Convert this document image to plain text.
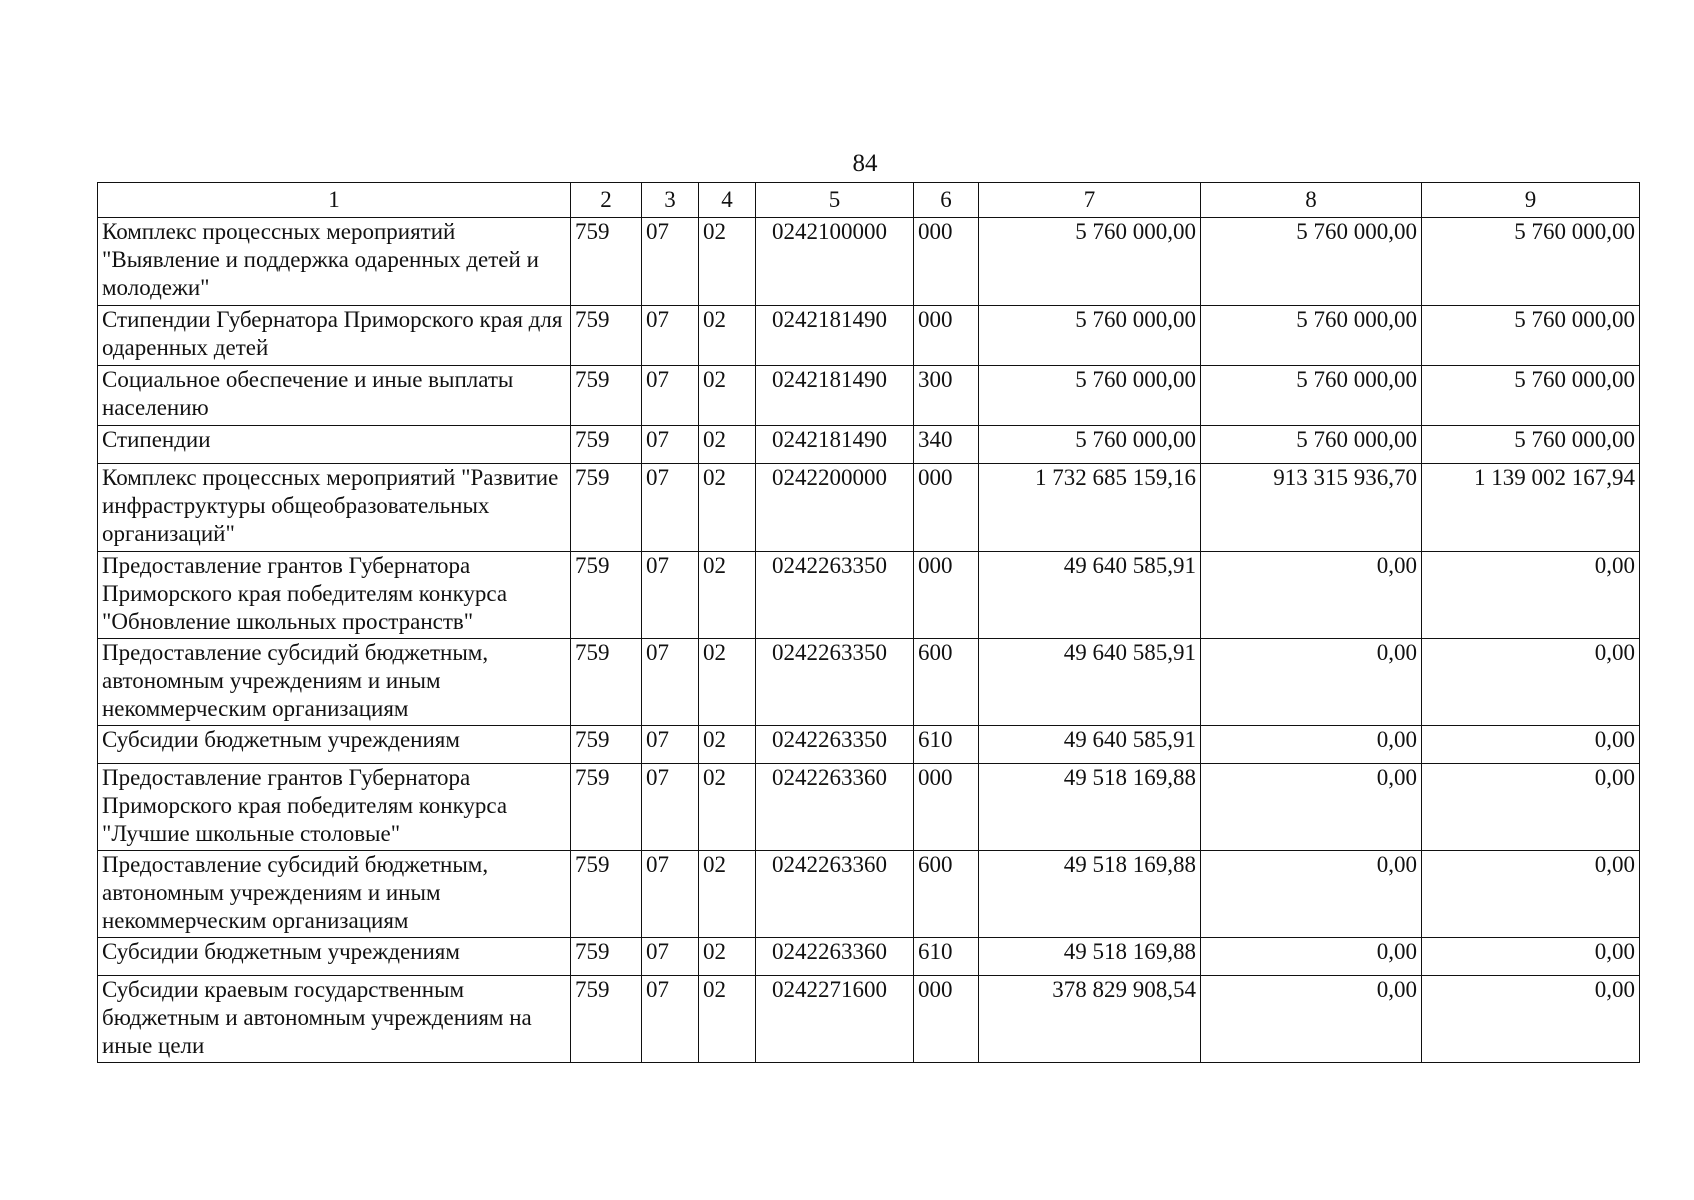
84
1	2	3	4	5	6	7	8	9
Комплекс процессных мероприятий "Выявление и поддержка одаренных детей и молодежи"	759	07	02	0242100000	000	5 760 000,00	5 760 000,00	5 760 000,00
Стипендии Губернатора Приморского края для одаренных детей	759	07	02	0242181490	000	5 760 000,00	5 760 000,00	5 760 000,00
Социальное обеспечение и иные выплаты населению	759	07	02	0242181490	300	5 760 000,00	5 760 000,00	5 760 000,00
Стипендии	759	07	02	0242181490	340	5 760 000,00	5 760 000,00	5 760 000,00
Комплекс процессных мероприятий "Развитие инфраструктуры общеобразовательных организаций"	759	07	02	0242200000	000	1 732 685 159,16	913 315 936,70	1 139 002 167,94
Предоставление грантов Губернатора Приморского края победителям конкурса "Обновление школьных пространств"	759	07	02	0242263350	000	49 640 585,91	0,00	0,00
Предоставление субсидий бюджетным, автономным учреждениям и иным некоммерческим организациям	759	07	02	0242263350	600	49 640 585,91	0,00	0,00
Субсидии бюджетным учреждениям	759	07	02	0242263350	610	49 640 585,91	0,00	0,00
Предоставление грантов Губернатора Приморского края победителям конкурса "Лучшие школьные столовые"	759	07	02	0242263360	000	49 518 169,88	0,00	0,00
Предоставление субсидий бюджетным, автономным учреждениям и иным некоммерческим организациям	759	07	02	0242263360	600	49 518 169,88	0,00	0,00
Субсидии бюджетным учреждениям	759	07	02	0242263360	610	49 518 169,88	0,00	0,00
Субсидии краевым государственным бюджетным и автономным учреждениям на иные цели	759	07	02	0242271600	000	378 829 908,54	0,00	0,00
